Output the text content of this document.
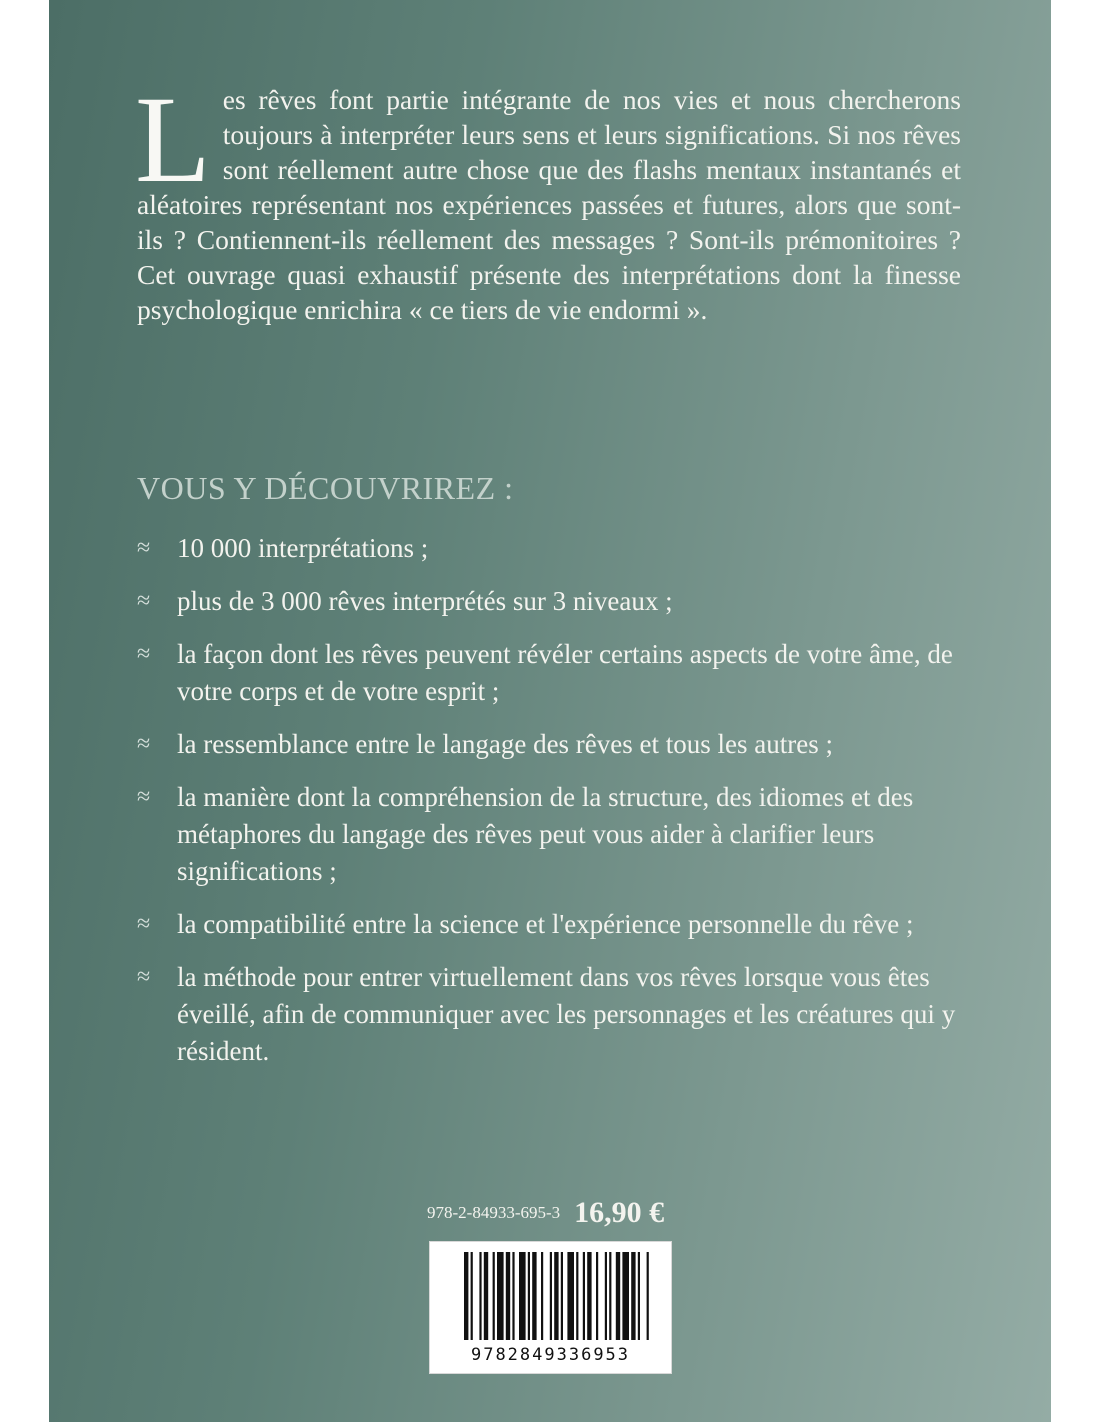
Les rêves font partie intégrante de nos vies et nous chercherons toujours à interpréter leurs sens et leurs significations. Si nos rêves sont réellement autre chose que des flashs mentaux instantanés et aléatoires représentant nos expériences passées et futures, alors que sont-ils ? Contiennent-ils réellement des messages ? Sont-ils prémonitoires ? Cet ouvrage quasi exhaustif présente des interprétations dont la finesse psychologique enrichira « ce tiers de vie endormi ».

VOUS Y DÉCOUVRIREZ :
≈ 10 000 interprétations ;
≈ plus de 3 000 rêves interprétés sur 3 niveaux ;
≈ la façon dont les rêves peuvent révéler certains aspects de votre âme, de votre corps et de votre esprit ;
≈ la ressemblance entre le langage des rêves et tous les autres ;
≈ la manière dont la compréhension de la structure, des idiomes et des métaphores du langage des rêves peut vous aider à clarifier leurs significations ;
≈ la compatibilité entre la science et l'expérience personnelle du rêve ;
≈ la méthode pour entrer virtuellement dans vos rêves lorsque vous êtes éveillé, afin de communiquer avec les personnages et les créatures qui y résident.
978-2-84933-695-3 16,90 €
9782849336953
